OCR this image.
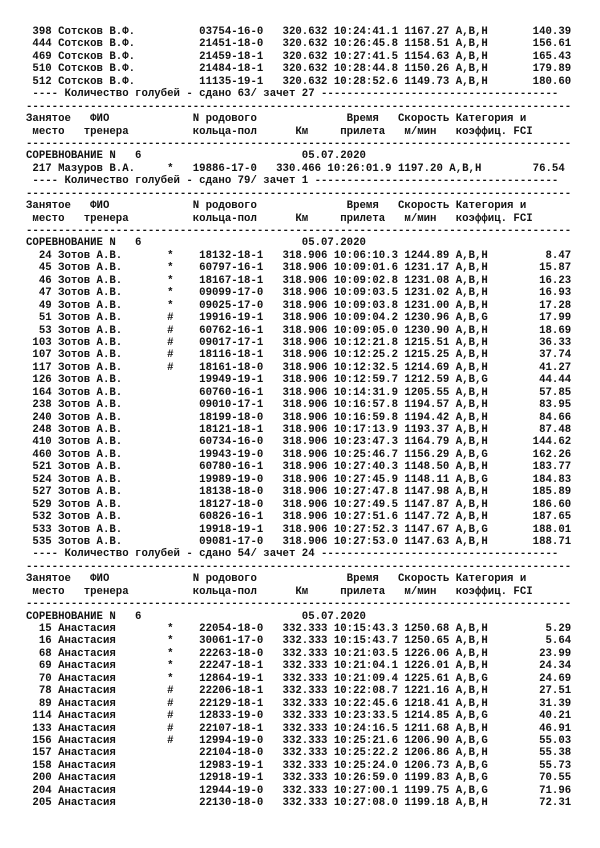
398 Сотсков В.Ф.          03754-16-0   320.632 10:24:41.1 1167.27 А,В,Н       140.39
444 Сотсков В.Ф.          21451-18-0   320.632 10:26:45.8 1158.51 А,В,Н       156.61
469 Сотсков В.Ф.          21459-18-1   320.632 10:27:41.5 1154.63 А,В,Н       165.43
510 Сотсков В.Ф.          21484-18-1   320.632 10:28:44.8 1150.26 А,В,Н       179.89
512 Сотсков В.Ф.          11135-19-1   320.632 10:28:52.6 1149.73 А,В,Н       180.60
---- Количество голубей - сдано 63/ зачет 27 -------------------------------------
-------------------------------------------------------------------------------------
Занятое   ФИО             N родового              Время   Скорость Категория и
место   тренера          кольца-пол      Км     прилета   м/мин   коэффиц. FCI
-------------------------------------------------------------------------------------
СОРЕВНОВАНИЕ N   6                         05.07.2020
217 Мазуров В.А.     *   19886-17-0   330.466 10:26:01.9 1197.20 А,В,Н        76.54
---- Количество голубей - сдано 79/ зачет 1 --------------------------------------
-------------------------------------------------------------------------------------
Занятое   ФИО             N родового              Время   Скорость Категория и
место   тренера          кольца-пол      Км     прилета   м/мин   коэффиц. FCI
-------------------------------------------------------------------------------------
СОРЕВНОВАНИЕ N   6                         05.07.2020
24 Зотов А.В.       *    18132-18-1   318.906 10:06:10.3 1244.89 А,В,Н         8.47
45 Зотов А.В.       *    60797-16-1   318.906 10:09:01.6 1231.17 А,В,Н        15.87
46 Зотов А.В.       *    18167-18-1   318.906 10:09:02.8 1231.08 А,В,Н        16.23
47 Зотов А.В.       *    09099-17-0   318.906 10:09:03.5 1231.02 А,В,Н        16.93
49 Зотов А.В.       *    09025-17-0   318.906 10:09:03.8 1231.00 А,В,Н        17.28
51 Зотов А.В.       #    19916-19-1   318.906 10:09:04.2 1230.96 А,В,G        17.99
53 Зотов А.В.       #    60762-16-1   318.906 10:09:05.0 1230.90 А,В,Н        18.69
103 Зотов А.В.       #    09017-17-1   318.906 10:12:21.8 1215.51 А,В,Н        36.33
107 Зотов А.В.       #    18116-18-1   318.906 10:12:25.2 1215.25 А,В,Н        37.74
117 Зотов А.В.       #    18161-18-0   318.906 10:12:32.5 1214.69 А,В,Н        41.27
126 Зотов А.В.            19949-19-1   318.906 10:12:59.7 1212.59 А,В,G        44.44
164 Зотов А.В.            60760-16-1   318.906 10:14:31.9 1205.55 А,В,Н        57.85
238 Зотов А.В.            09010-17-1   318.906 10:16:57.8 1194.57 А,В,Н        83.95
240 Зотов А.В.            18199-18-0   318.906 10:16:59.8 1194.42 А,В,Н        84.66
248 Зотов А.В.            18121-18-1   318.906 10:17:13.9 1193.37 А,В,Н        87.48
410 Зотов А.В.            60734-16-0   318.906 10:23:47.3 1164.79 А,В,Н       144.62
460 Зотов А.В.            19943-19-0   318.906 10:25:46.7 1156.29 А,В,G       162.26
521 Зотов А.В.            60780-16-1   318.906 10:27:40.3 1148.50 А,В,Н       183.77
524 Зотов А.В.            19989-19-0   318.906 10:27:45.9 1148.11 А,В,G       184.83
527 Зотов А.В.            18138-18-0   318.906 10:27:47.8 1147.98 А,В,Н       185.89
529 Зотов А.В.            18127-18-0   318.906 10:27:49.5 1147.87 А,В,Н       186.60
532 Зотов А.В.            60826-16-1   318.906 10:27:51.6 1147.72 А,В,Н       187.65
533 Зотов А.В.            19918-19-1   318.906 10:27:52.3 1147.67 А,В,G       188.01
535 Зотов А.В.            09081-17-0   318.906 10:27:53.0 1147.63 А,В,Н       188.71
---- Количество голубей - сдано 54/ зачет 24 -------------------------------------
-------------------------------------------------------------------------------------
Занятое   ФИО             N родового              Время   Скорость Категория и
место   тренера          кольца-пол      Км     прилета   м/мин   коэффиц. FCI
-------------------------------------------------------------------------------------
СОРЕВНОВАНИЕ N   6                         05.07.2020
15 Анастасия        *    22054-18-0   332.333 10:15:43.3 1250.68 А,В,Н         5.29
16 Анастасия        *    30061-17-0   332.333 10:15:43.7 1250.65 А,В,Н         5.64
68 Анастасия        *    22263-18-0   332.333 10:21:03.5 1226.06 А,В,Н        23.99
69 Анастасия        *    22247-18-1   332.333 10:21:04.1 1226.01 А,В,Н        24.34
70 Анастасия        *    12864-19-1   332.333 10:21:09.4 1225.61 А,В,G        24.69
78 Анастасия        #    22206-18-1   332.333 10:22:08.7 1221.16 А,В,Н        27.51
89 Анастасия        #    22129-18-1   332.333 10:22:45.6 1218.41 А,В,Н        31.39
114 Анастасия        #    12833-19-0   332.333 10:23:33.5 1214.85 А,В,G        40.21
133 Анастасия        #    22107-18-1   332.333 10:24:16.5 1211.68 А,В,Н        46.91
156 Анастасия        #    12994-19-0   332.333 10:25:21.6 1206.90 А,В,G        55.03
157 Анастасия             22104-18-0   332.333 10:25:22.2 1206.86 А,В,Н        55.38
158 Анастасия             12983-19-1   332.333 10:25:24.0 1206.73 А,В,G        55.73
200 Анастасия             12918-19-1   332.333 10:26:59.0 1199.83 А,В,G        70.55
204 Анастасия             12944-19-0   332.333 10:27:00.1 1199.75 А,В,G        71.96
205 Анастасия             22130-18-0   332.333 10:27:08.0 1199.18 А,В,Н        72.31
